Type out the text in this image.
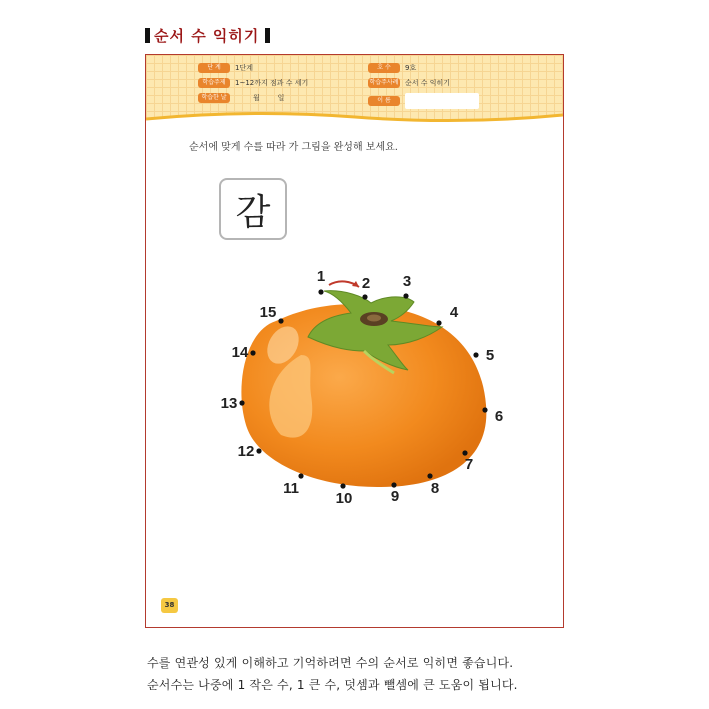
순서 수 익히기
단 계	1단계	호 수	9호
학습주제	1~12까지 점과 수 세기	학습주사례 순서 수 익히기
학습한 날	월        일	이 름
순서에 맞게 수를 따라 가 그림을 완성해 보세요.
감
1 2 3
4
5
6
7
8
9
10
11
12
13
14
15
38
수를 연관성 있게 이해하고 기억하려면 수의 순서로 익히면 좋습니다.
순서수는 나중에 1 작은 수, 1 큰 수, 덧셈과 뺄셈에 큰 도움이 됩니다.
